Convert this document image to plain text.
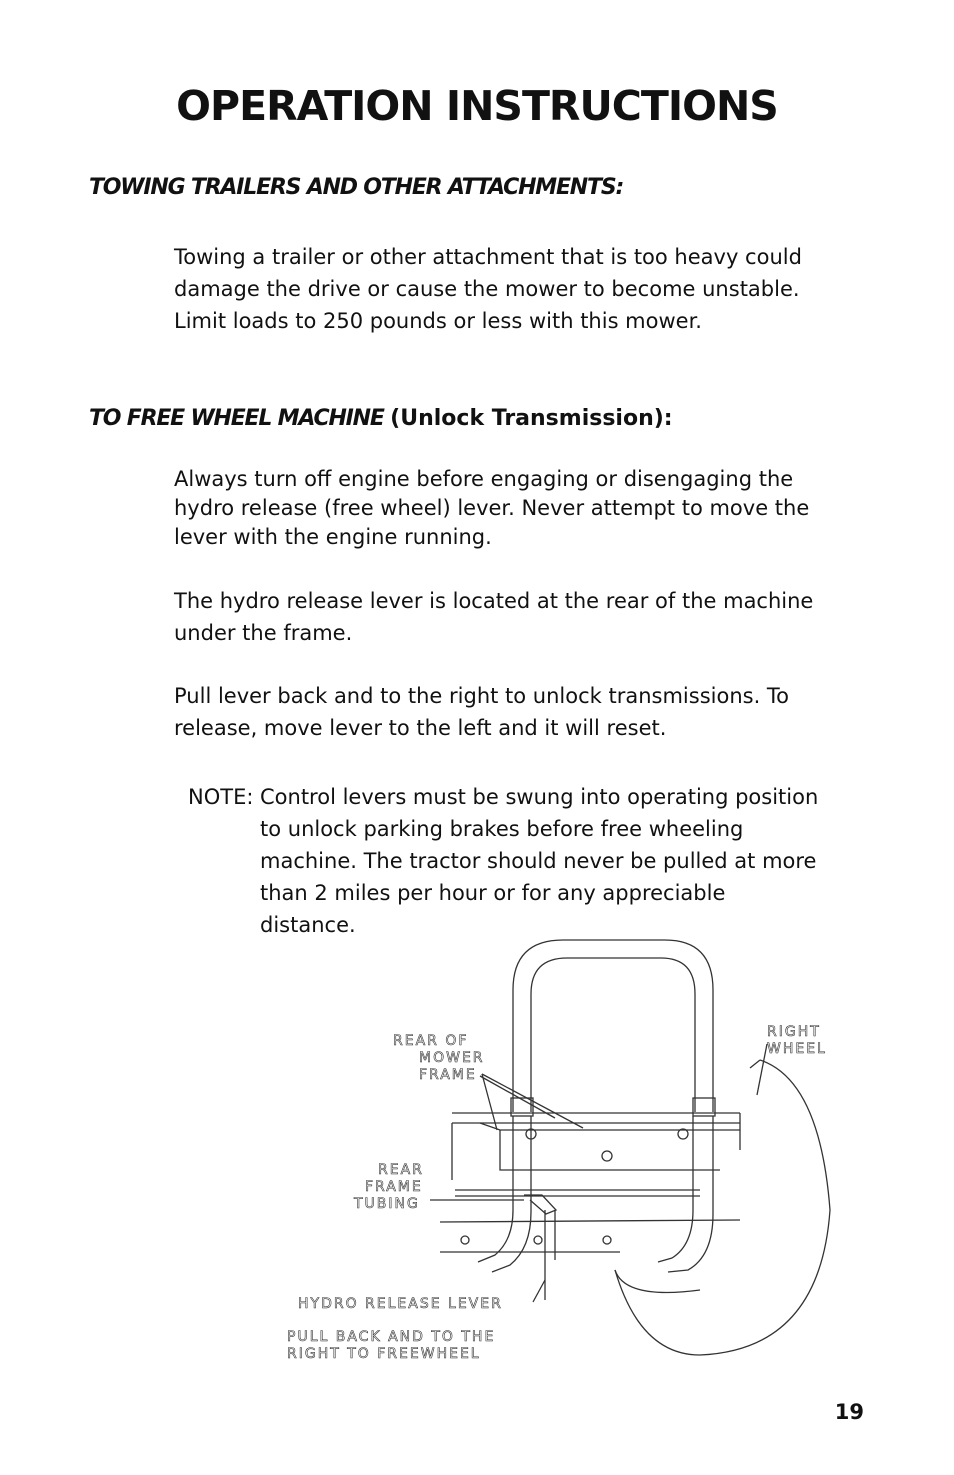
OPERATION INSTRUCTIONS
TOWING TRAILERS AND OTHER ATTACHMENTS:
Towing a trailer or other attachment that is too heavy could damage the drive or cause the mower to become unstable. Limit loads to 250 pounds or less with this mower.
TO FREE WHEEL MACHINE (Unlock Transmission):
Always turn off engine before engaging or disengaging the hydro release (free wheel) lever. Never attempt to move the lever with the engine running.
The hydro release lever is located at the rear of the machine under the frame.
Pull lever back and to the right to unlock transmissions. To release, move lever to the left and it will reset.
NOTE: Control levers must be swung into operating position to unlock parking brakes before free wheeling machine. The tractor should never be pulled at more than 2 miles per hour or for any appreciable distance.
REAR OF
MOWER
FRAME
RIGHT
WHEEL
REAR
FRAME
TUBING
HYDRO RELEASE LEVER
PULL BACK AND TO THE
RIGHT TO FREEWHEEL
19
